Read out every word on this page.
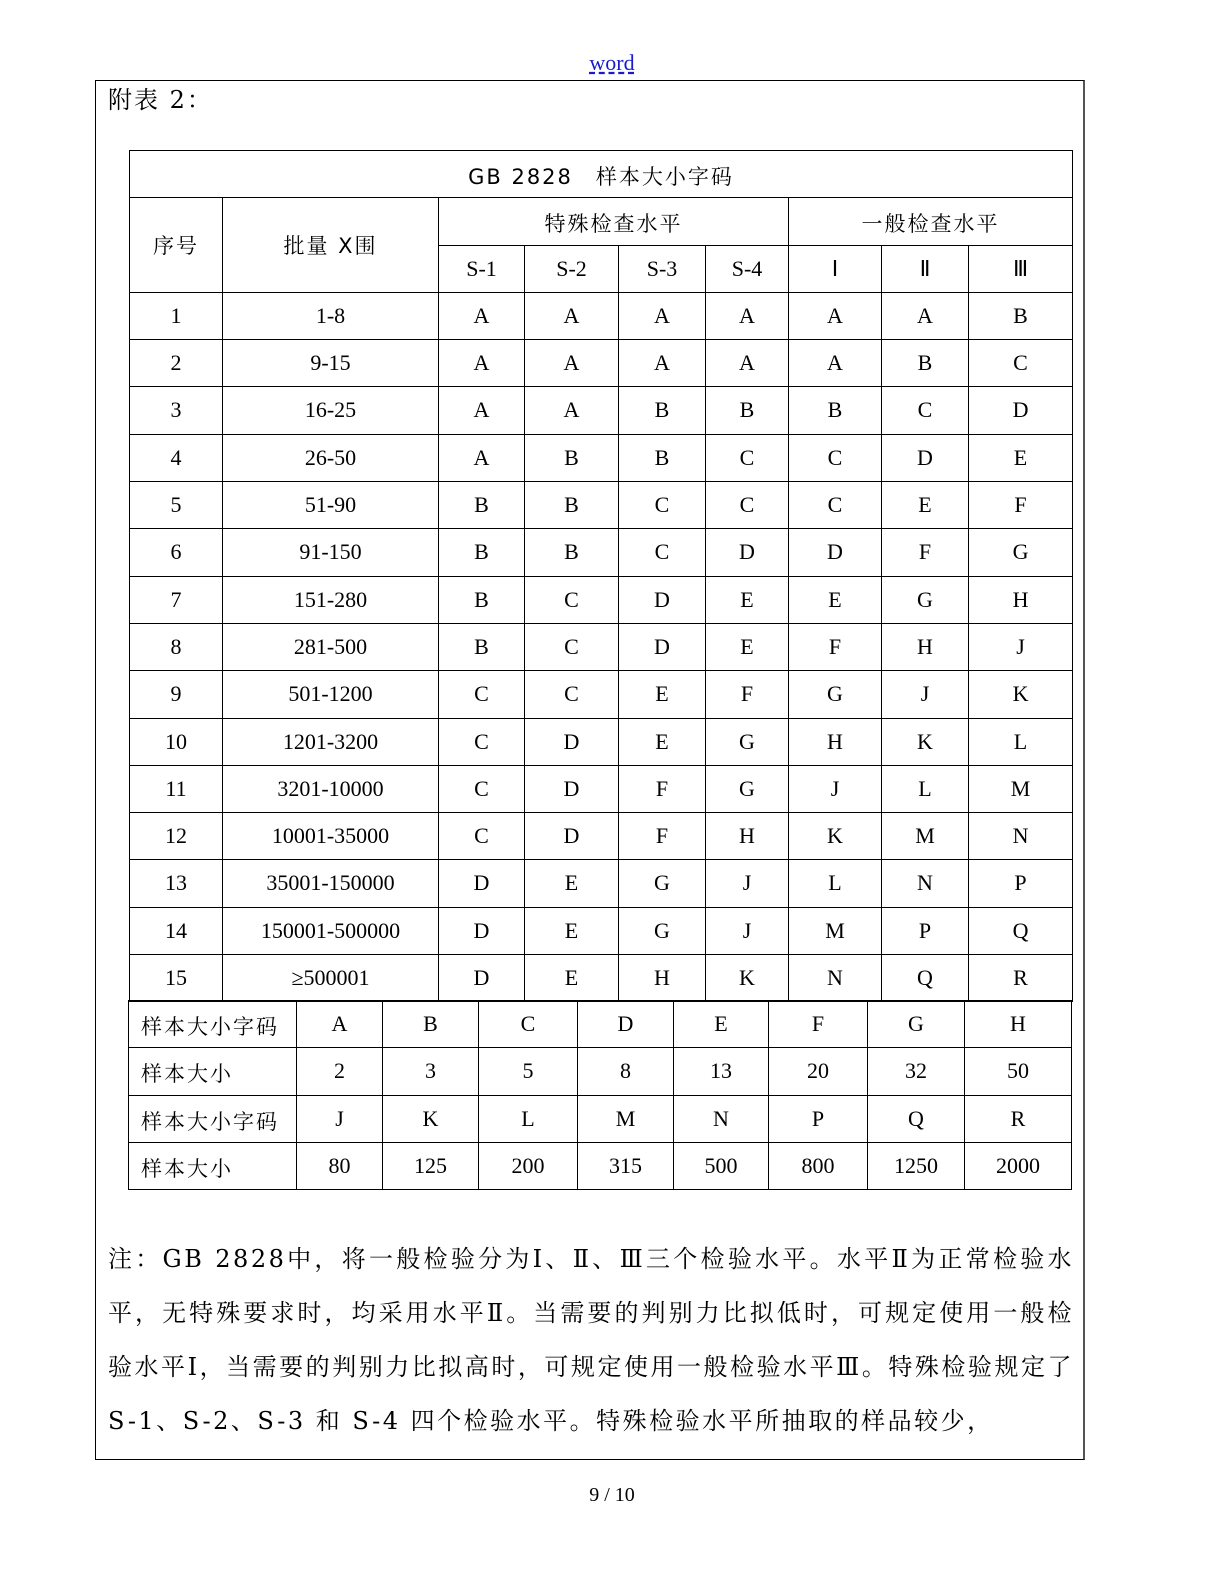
word
附表 2：
GB 2828　样本大小字码								
序号	批量 X围	特殊检查水平				一般检查水平		
		S-1	S-2	S-3	S-4	Ⅰ	Ⅱ	Ⅲ
1	1-8	A	A	A	A	A	A	B
2	9-15	A	A	A	A	A	B	C
3	16-25	A	A	B	B	B	C	D
4	26-50	A	B	B	C	C	D	E
5	51-90	B	B	C	C	C	E	F
6	91-150	B	B	C	D	D	F	G
7	151-280	B	C	D	E	E	G	H
8	281-500	B	C	D	E	F	H	J
9	501-1200	C	C	E	F	G	J	K
10	1201-3200	C	D	E	G	H	K	L
11	3201-10000	C	D	F	G	J	L	M
12	10001-35000	C	D	F	H	K	M	N
13	35001-150000	D	E	G	J	L	N	P
14	150001-500000	D	E	G	J	M	P	Q
15	≥500001	D	E	H	K	N	Q	R
样本大小字码	A	B	C	D	E	F	G	H
样本大小	2	3	5	8	13	20	32	50
样本大小字码	J	K	L	M	N	P	Q	R
样本大小	80	125	200	315	500	800	1250	2000
注：GB 2828中，将一般检验分为Ⅰ、Ⅱ、Ⅲ三个检验水平。水平Ⅱ为正常检验水平，无特殊要求时，均采用水平Ⅱ。当需要的判别力比拟低时，可规定使用一般检验水平Ⅰ，当需要的判别力比拟高时，可规定使用一般检验水平Ⅲ。特殊检验规定了 S-1、S-2、S-3 和 S-4 四个检验水平。特殊检验水平所抽取的样品较少，
9 / 10
